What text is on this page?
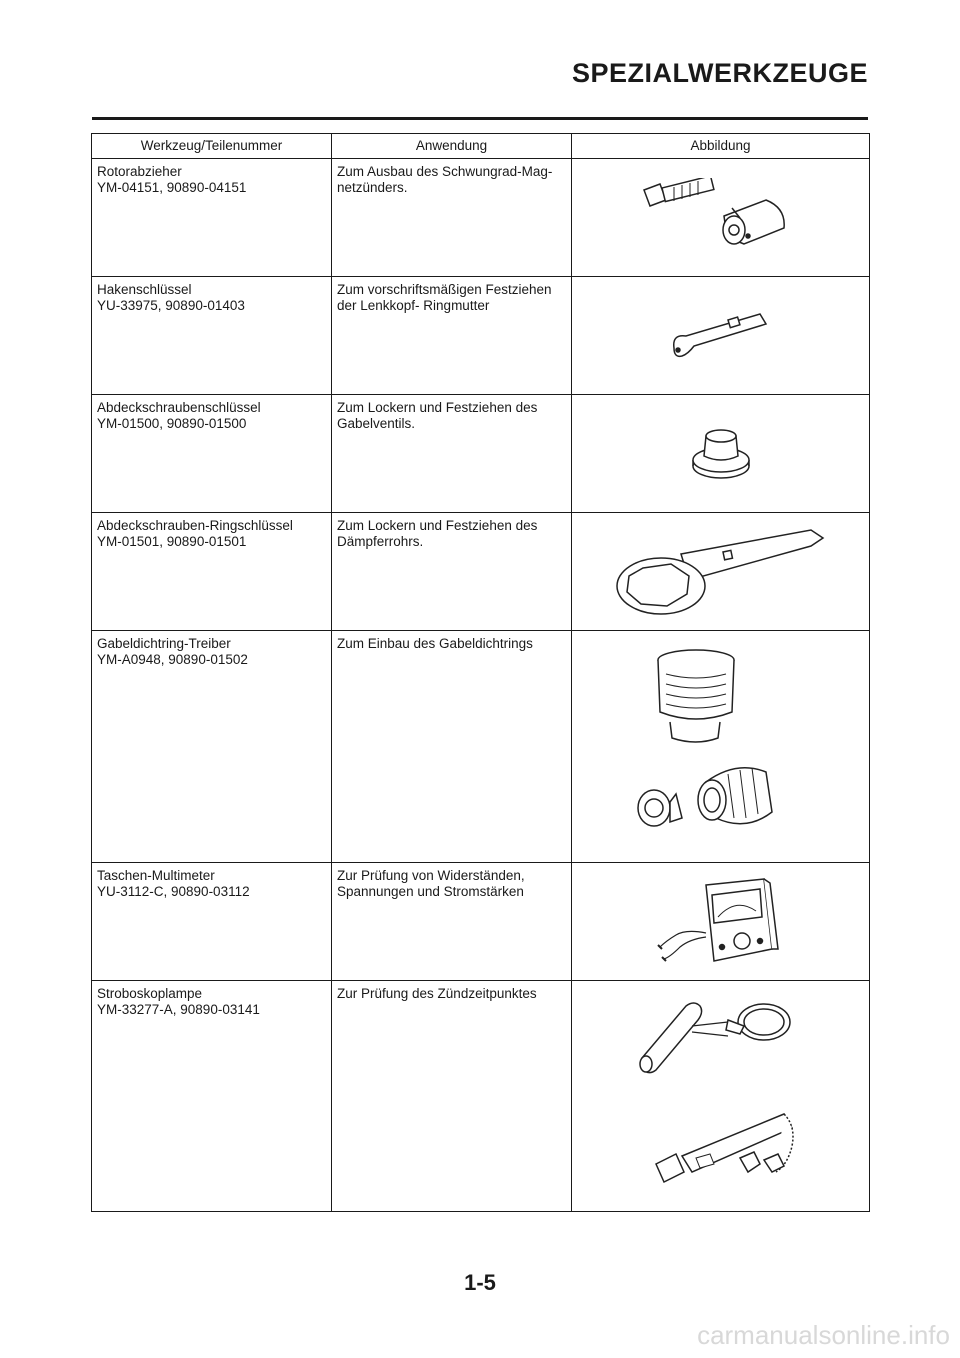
SPEZIALWERKZEUGE
Werkzeug/Teilenummer	Anwendung	Abbildung

Rotorabzieher
YM-04151, 90890-04151	Zum Ausbau des Schwungrad-Mag-
netzünders.

Hakenschlüssel
YU-33975, 90890-01403	Zum vorschriftsmäßigen Festziehen
der Lenkkopf- Ringmutter

Abdeckschraubenschlüssel
YM-01500, 90890-01500	Zum Lockern und Festziehen des
Gabelventils.

Abdeckschrauben-Ringschlüssel
YM-01501, 90890-01501	Zum Lockern und Festziehen des
Dämpferrohrs.

Gabeldichtring-Treiber
YM-A0948, 90890-01502	Zum Einbau des Gabeldichtrings

Taschen-Multimeter
YU-3112-C, 90890-03112	Zur Prüfung von Widerständen,
Spannungen und Stromstärken

Stroboskoplampe
YM-33277-A, 90890-03141	Zur Prüfung des Zündzeitpunktes

1-5
carmanualsonline.info
